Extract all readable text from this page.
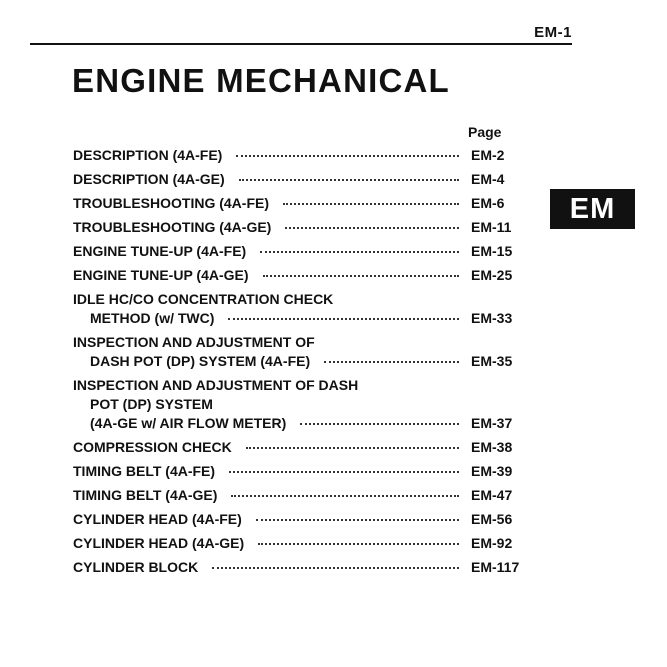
EM-1
ENGINE MECHANICAL
Page
EM
DESCRIPTION (4A-FE)	EM-2
DESCRIPTION (4A-GE)	EM-4
TROUBLESHOOTING (4A-FE)	EM-6
TROUBLESHOOTING (4A-GE)	EM-11
ENGINE TUNE-UP (4A-FE)	EM-15
ENGINE TUNE-UP (4A-GE)	EM-25
IDLE HC/CO CONCENTRATION CHECK
METHOD (w/ TWC)	EM-33
INSPECTION AND ADJUSTMENT OF
DASH POT (DP) SYSTEM (4A-FE)	EM-35
INSPECTION AND ADJUSTMENT OF DASH
POT (DP) SYSTEM
(4A-GE w/ AIR FLOW METER)	EM-37
COMPRESSION CHECK	EM-38
TIMING BELT (4A-FE)	EM-39
TIMING BELT (4A-GE)	EM-47
CYLINDER HEAD (4A-FE)	EM-56
CYLINDER HEAD (4A-GE)	EM-92
CYLINDER BLOCK	EM-117
